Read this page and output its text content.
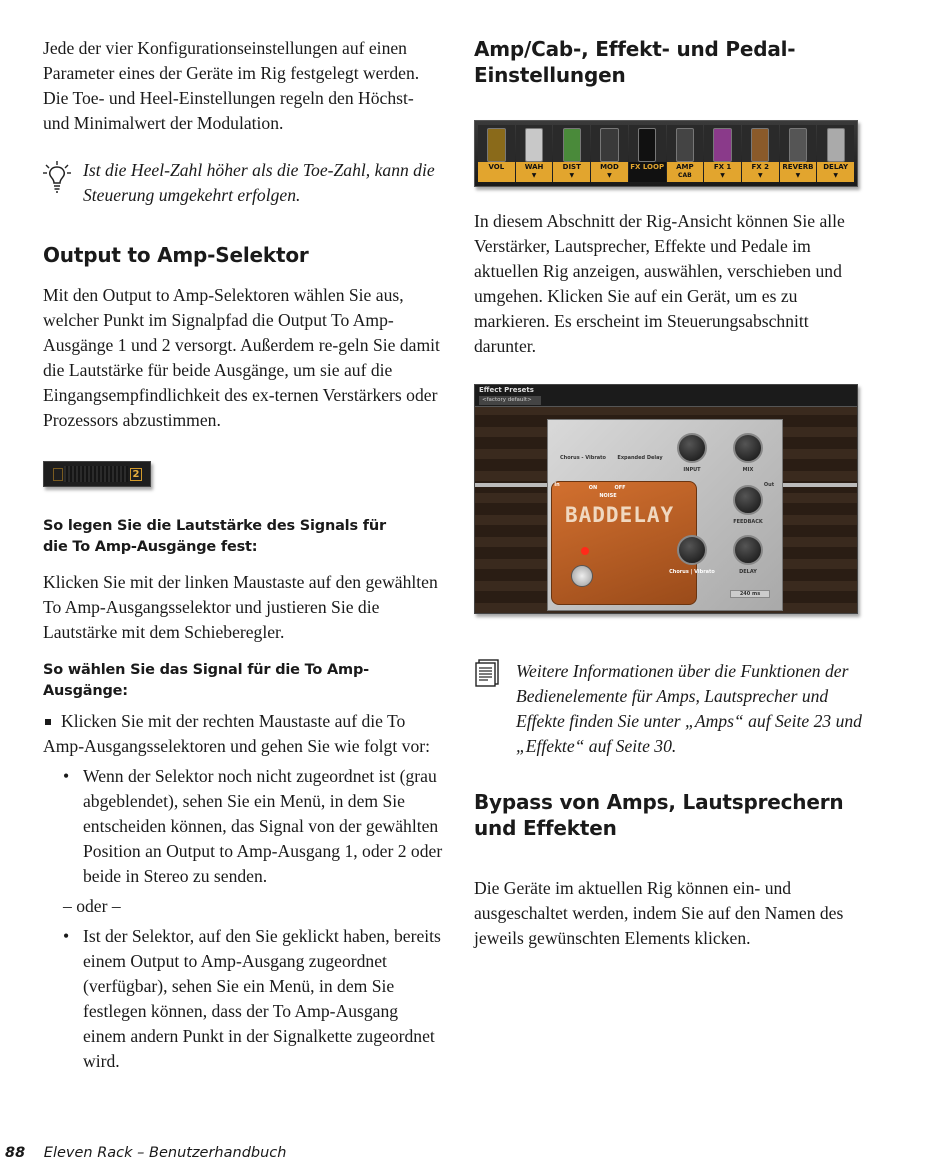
Jede der vier Konfigurationseinstellungen auf einen Parameter eines der Geräte im Rig festgelegt werden. Die Toe- und Heel-Einstellungen regeln den Höchst- und Minimalwert der Modulation.

Ist die Heel-Zahl höher als die Toe-Zahl, kann die Steuerung umgekehrt erfolgen.

Output to Amp-Selektor

Mit den Output to Amp-Selektoren wählen Sie aus, welcher Punkt im Signalpfad die Output To Amp-Ausgänge 1 und 2 versorgt. Außerdem re-geln Sie damit die Lautstärke für beide Ausgänge, um sie auf die Eingangsempfindlichkeit des ex-ternen Verstärkers oder Prozessors abzustimmen.

2
So legen Sie die Lautstärke des Signals für
die To Amp-Ausgänge fest:

Klicken Sie mit der linken Maustaste auf den gewählten To Amp-Ausgangsselektor und justieren Sie die Lautstärke mit dem Schieberegler.

So wählen Sie das Signal für die To Amp-Ausgänge:

Klicken Sie mit der rechten Maustaste auf die To Amp-Ausgangsselektoren und gehen Sie wie folgt vor:

• Wenn der Selektor noch nicht zugeordnet ist (grau abgeblendet), sehen Sie ein Menü, in dem Sie entscheiden können, das Signal von der gewählten Position an Output to Amp-Ausgang 1, oder 2 oder beide in Stereo zu senden.

– oder –

• Ist der Selektor, auf den Sie geklickt haben, bereits einem Output to Amp-Ausgang zugeordnet (verfügbar), sehen Sie ein Menü, in dem Sie festlegen können, dass der To Amp-Ausgang einem andern Punkt in der Signalkette zugeordnet wird.
Amp/Cab-, Effekt- und Pedal-
Einstellungen
VOL	WAH
▼
DIST
▼
MOD
▼
FX LOOP	AMP
CAB
FX 1
▼
FX 2
▼
REVERB
▼
DELAY
▼

In diesem Abschnitt der Rig-Ansicht können Sie alle Verstärker, Lautsprecher, Effekte und Pedale im aktuellen Rig anzeigen, auswählen, verschieben und umgehen. Klicken Sie auf ein Gerät, um es zu markieren. Es erscheint im Steuerungsabschnitt darunter.

Effect Presets
<factory default>
Chorus - Vibrato	Expanded Delay
INPUT	MIX
FEEDBACK
DELAY
ON	OFF
NOISE
BADDELAY
Chorus | Vibrato
Out
In
240 ms

Weitere Informationen über die Funktionen der Bedienelemente für Amps, Lautsprecher und Effekte finden Sie unter „Amps“ auf Seite 23 und „Effekte“ auf Seite 30.

Bypass von Amps, Lautsprechern
und Effekten

Die Geräte im aktuellen Rig können ein- und ausgeschaltet werden, indem Sie auf den Namen des jeweils gewünschten Elements klicken.

88 Eleven Rack – Benutzerhandbuch
